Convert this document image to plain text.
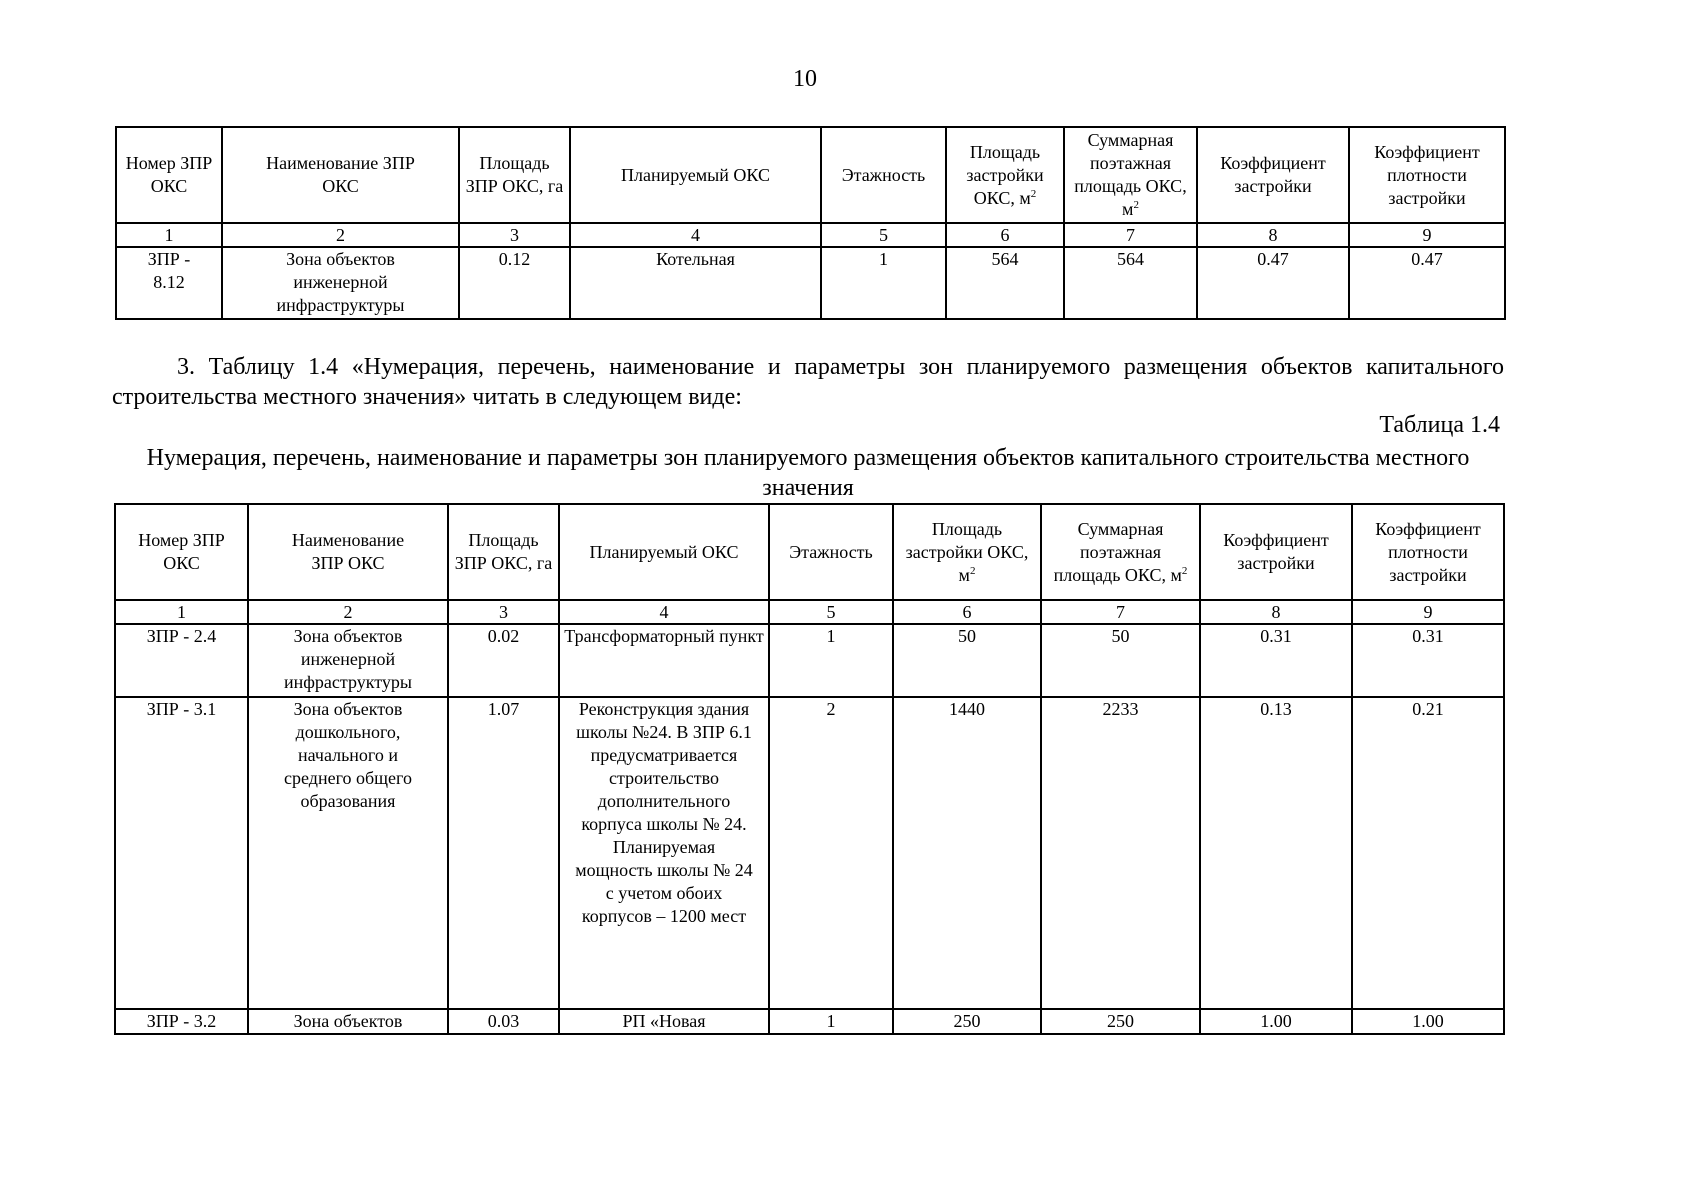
10
Номер ЗПР ОКС	Наименование ЗПР ОКС	Площадь ЗПР ОКС, га	Планируемый ОКС	Этажность	Площадь застройки ОКС, $м^2$	Суммарная поэтажная площадь ОКС, $м^2$	Коэффициент застройки	Коэффициент плотности застройки
1	2	3	4	5	6	7	8	9
ЗПР - 8.12	Зона объектов инженерной инфраструктуры	0.12	Котельная	1	564	564	0.47	0.47

3. Таблицу 1.4 «Нумерация, перечень, наименование и параметры зон планируемого размещения объектов капитального строительства местного значения» читать в следующем виде:

Таблица 1.4

Нумерация, перечень, наименование и параметры зон планируемого размещения объектов капитального строительства местного значения

Номер ЗПР ОКС	Наименование ЗПР ОКС	Площадь ЗПР ОКС, га	Планируемый ОКС	Этажность	Площадь застройки ОКС, $м^2$	Суммарная поэтажная площадь ОКС, $м^2$	Коэффициент застройки	Коэффициент плотности застройки
1	2	3	4	5	6	7	8	9
ЗПР - 2.4	Зона объектов инженерной инфраструктуры	0.02	Трансформаторный пункт	1	50	50	0.31	0.31
ЗПР - 3.1	Зона объектов дошкольного, начального и среднего общего образования	1.07	Реконструкция здания школы №24. В ЗПР 6.1 предусматривается строительство дополнительного корпуса школы № 24. Планируемая мощность школы № 24 с учетом обоих корпусов – 1200 мест	2	1440	2233	0.13	0.21
ЗПР - 3.2	Зона объектов	0.03	РП «Новая	1	250	250	1.00	1.00
